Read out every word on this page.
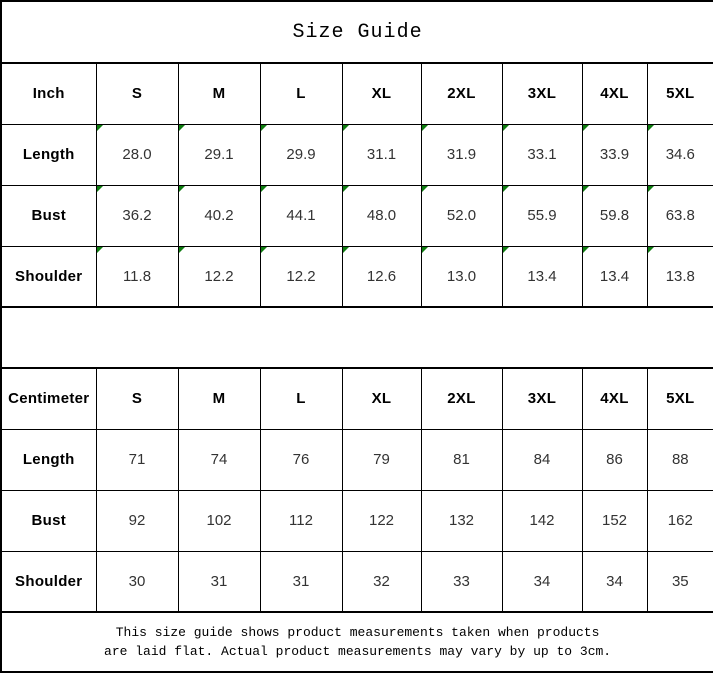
Size Guide								
Inch	S	M	L	XL	2XL	3XL	4XL	5XL
Length	28.0	29.1	29.9	31.1	31.9	33.1	33.9	34.6
Bust	36.2	40.2	44.1	48.0	52.0	55.9	59.8	63.8
Shoulder	11.8	12.2	12.2	12.6	13.0	13.4	13.4	13.8

Centimeter	S	M	L	XL	2XL	3XL	4XL	5XL
Length	71	74	76	79	81	84	86	88
Bust	92	102	112	122	132	142	152	162
Shoulder	30	31	31	32	33	34	34	35

This size guide shows product measurements taken when products
are laid flat. Actual product measurements may vary by up to 3cm.								
